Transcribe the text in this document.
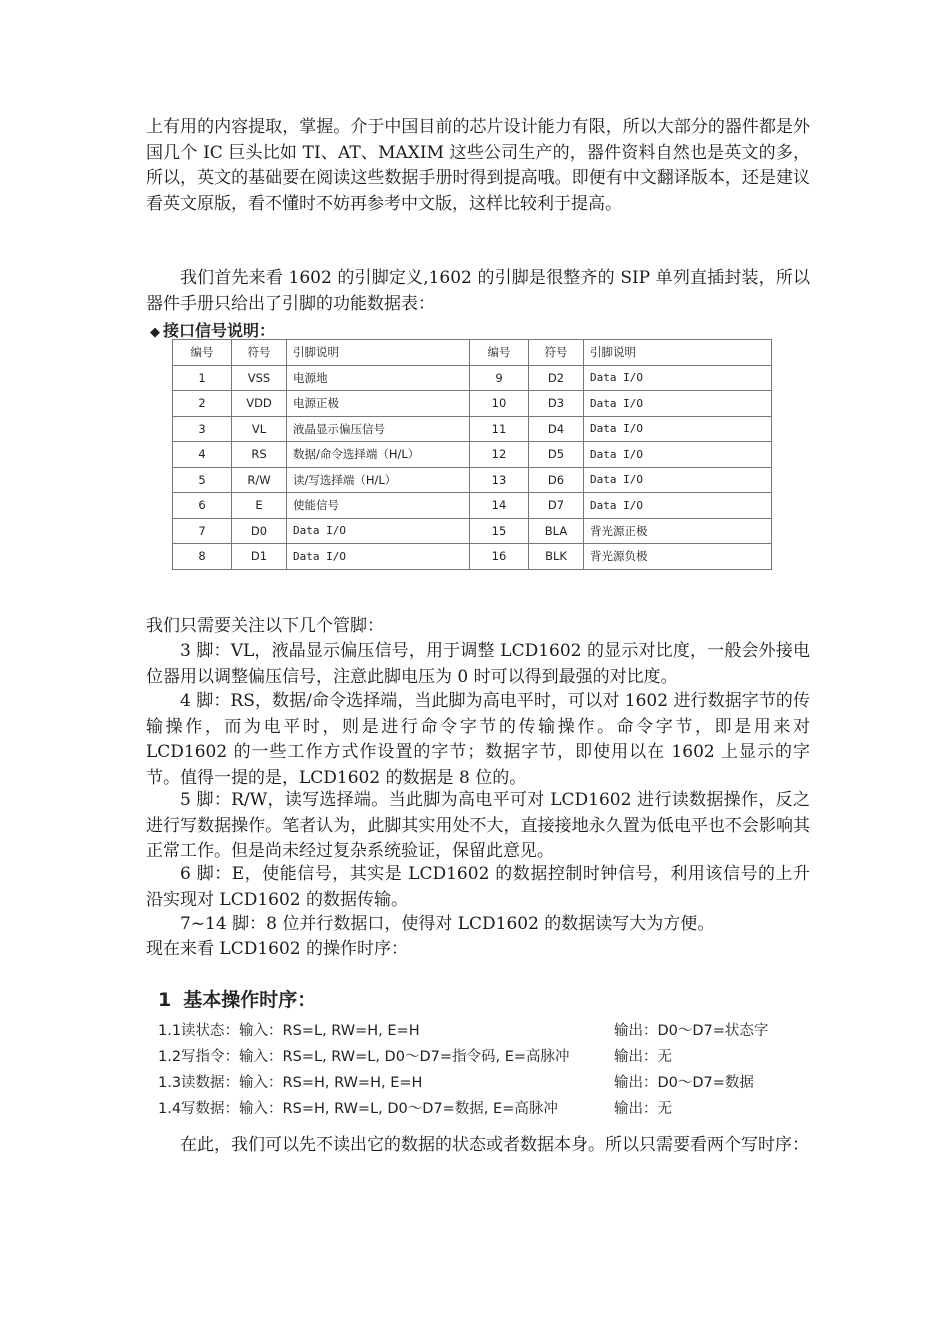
上有用的内容提取，掌握。介于中国目前的芯片设计能力有限，所以大部分的器件都是外国几个 IC 巨头比如 TI、AT、MAXIM 这些公司生产的，器件资料自然也是英文的多，所以，英文的基础要在阅读这些数据手册时得到提高哦。即便有中文翻译版本，还是建议看英文原版，看不懂时不妨再参考中文版，这样比较利于提高。

我们首先来看 1602 的引脚定义,1602 的引脚是很整齐的 SIP 单列直插封装，所以器件手册只给出了引脚的功能数据表：

◆ 接口信号说明：
编号	符号	引脚说明	编号	符号	引脚说明
1	VSS	电源地	9	D2	Data I/O
2	VDD	电源正极	10	D3	Data I/O
3	VL	液晶显示偏压信号	11	D4	Data I/O
4	RS	数据/命令选择端（H/L）	12	D5	Data I/O
5	R/W	读/写选择端（H/L）	13	D6	Data I/O
6	E	使能信号	14	D7	Data I/O
7	D0	Data I/O	15	BLA	背光源正极
8	D1	Data I/O	16	BLK	背光源负极

我们只需要关注以下几个管脚：

3 脚：VL，液晶显示偏压信号，用于调整 LCD1602 的显示对比度，一般会外接电位器用以调整偏压信号，注意此脚电压为 0 时可以得到最强的对比度。

4 脚：RS，数据/命令选择端，当此脚为高电平时，可以对 1602 进行数据字节的传输操作，而为电平时，则是进行命令字节的传输操作。命令字节，即是用来对 LCD1602 的一些工作方式作设置的字节；数据字节，即使用以在 1602 上显示的字节。值得一提的是，LCD1602 的数据是 8 位的。

5 脚：R/W，读写选择端。当此脚为高电平可对 LCD1602 进行读数据操作，反之进行写数据操作。笔者认为，此脚其实用处不大，直接接地永久置为低电平也不会影响其正常工作。但是尚未经过复杂系统验证，保留此意见。

6 脚：E，使能信号，其实是 LCD1602 的数据控制时钟信号，利用该信号的上升沿实现对 LCD1602 的数据传输。

7~14 脚：8 位并行数据口，使得对 LCD1602 的数据读写大为方便。

现在来看 LCD1602 的操作时序：

1 基本操作时序：
1.1读状态：输入：RS=L, RW=H, E=H	输出：D0～D7=状态字
1.2写指令：输入：RS=L, RW=L, D0～D7=指令码, E=高脉冲	输出：无
1.3读数据：输入：RS=H, RW=H, E=H	输出：D0～D7=数据
1.4写数据：输入：RS=H, RW=L, D0～D7=数据, E=高脉冲	输出：无

在此，我们可以先不读出它的数据的状态或者数据本身。所以只需要看两个写时序：
